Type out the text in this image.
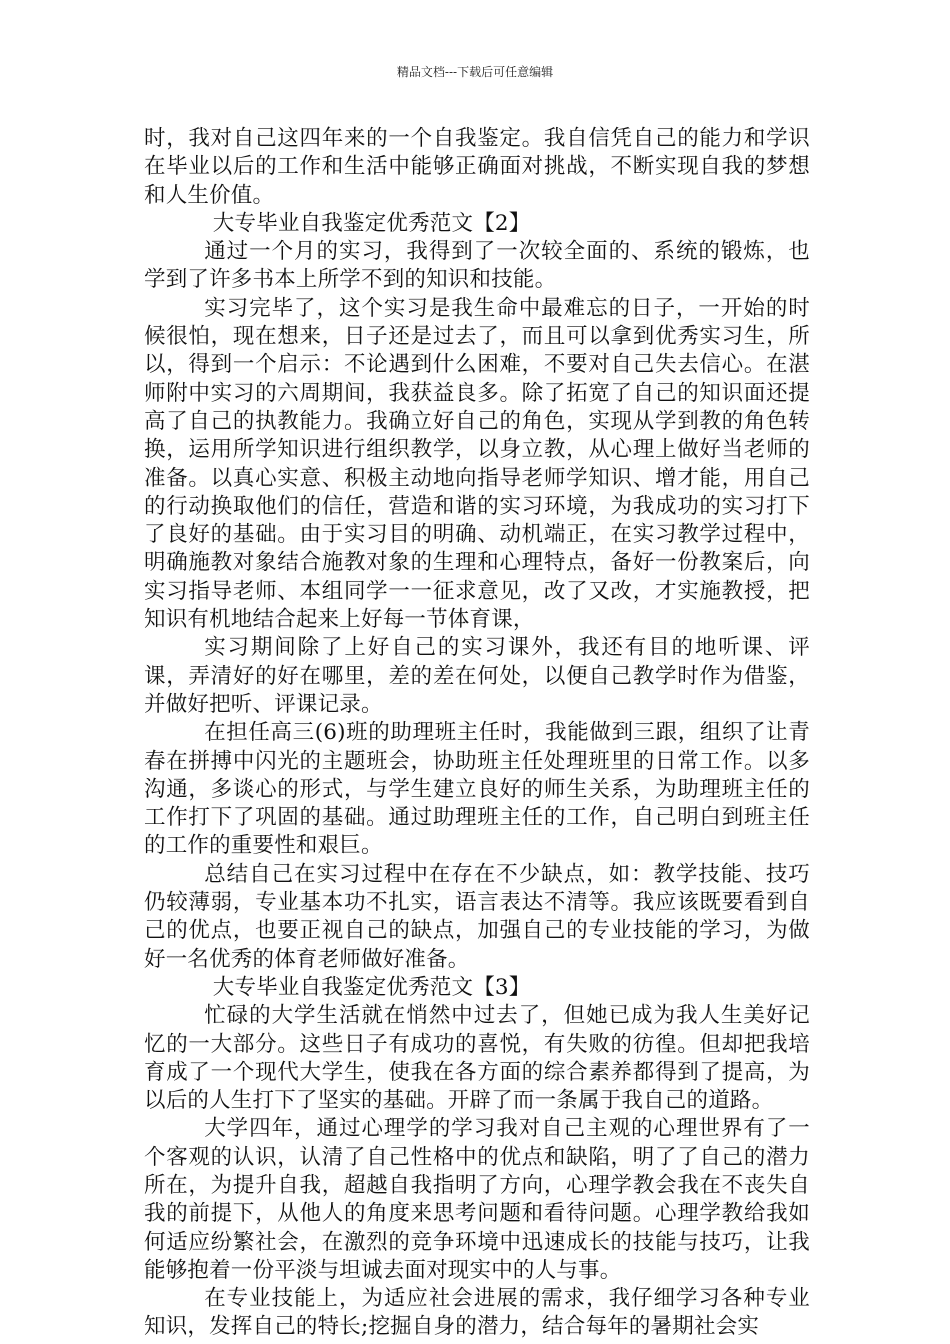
精品文档---下载后可任意编辑

时，我对自己这四年来的一个自我鉴定。我自信凭自己的能力和学识在毕业以后的工作和生活中能够正确面对挑战，不断实现自我的梦想和人生价值。

大专毕业自我鉴定优秀范文【2】

通过一个月的实习，我得到了一次较全面的、系统的锻炼，也学到了许多书本上所学不到的知识和技能。

实习完毕了，这个实习是我生命中最难忘的日子，一开始的时候很怕，现在想来，日子还是过去了，而且可以拿到优秀实习生，所以，得到一个启示：不论遇到什么困难，不要对自己失去信心。在湛师附中实习的六周期间，我获益良多。除了拓宽了自己的知识面还提高了自己的执教能力。我确立好自己的角色，实现从学到教的角色转换，运用所学知识进行组织教学，以身立教，从心理上做好当老师的准备。以真心实意、积极主动地向指导老师学知识、增才能，用自己的行动换取他们的信任，营造和谐的实习环境，为我成功的实习打下了良好的基础。由于实习目的明确、动机端正，在实习教学过程中，明确施教对象结合施教对象的生理和心理特点，备好一份教案后，向实习指导老师、本组同学一一征求意见，改了又改，才实施教授，把知识有机地结合起来上好每一节体育课，

实习期间除了上好自己的实习课外，我还有目的地听课、评课，弄清好的好在哪里，差的差在何处，以便自己教学时作为借鉴，并做好把听、评课记录。

在担任高三(6)班的助理班主任时，我能做到三跟，组织了让青春在拼搏中闪光的主题班会，协助班主任处理班里的日常工作。以多沟通，多谈心的形式，与学生建立良好的师生关系，为助理班主任的工作打下了巩固的基础。通过助理班主任的工作，自己明白到班主任的工作的重要性和艰巨。

总结自己在实习过程中在存在不少缺点，如：教学技能、技巧仍较薄弱，专业基本功不扎实，语言表达不清等。我应该既要看到自己的优点，也要正视自己的缺点，加强自己的专业技能的学习，为做好一名优秀的体育老师做好准备。

大专毕业自我鉴定优秀范文【3】

忙碌的大学生活就在悄然中过去了，但她已成为我人生美好记忆的一大部分。这些日子有成功的喜悦，有失败的彷徨。但却把我培育成了一个现代大学生，使我在各方面的综合素养都得到了提高，为以后的人生打下了坚实的基础。开辟了而一条属于我自己的道路。

大学四年，通过心理学的学习我对自己主观的心理世界有了一个客观的认识，认清了自己性格中的优点和缺陷，明了了自己的潜力所在，为提升自我，超越自我指明了方向，心理学教会我在不丧失自我的前提下，从他人的角度来思考问题和看待问题。心理学教给我如何适应纷繁社会，在激烈的竞争环境中迅速成长的技能与技巧，让我能够抱着一份平淡与坦诚去面对现实中的人与事。

在专业技能上，为适应社会进展的需求，我仔细学习各种专业知识，发挥自己的特长;挖掘自身的潜力，结合每年的暑期社会实
